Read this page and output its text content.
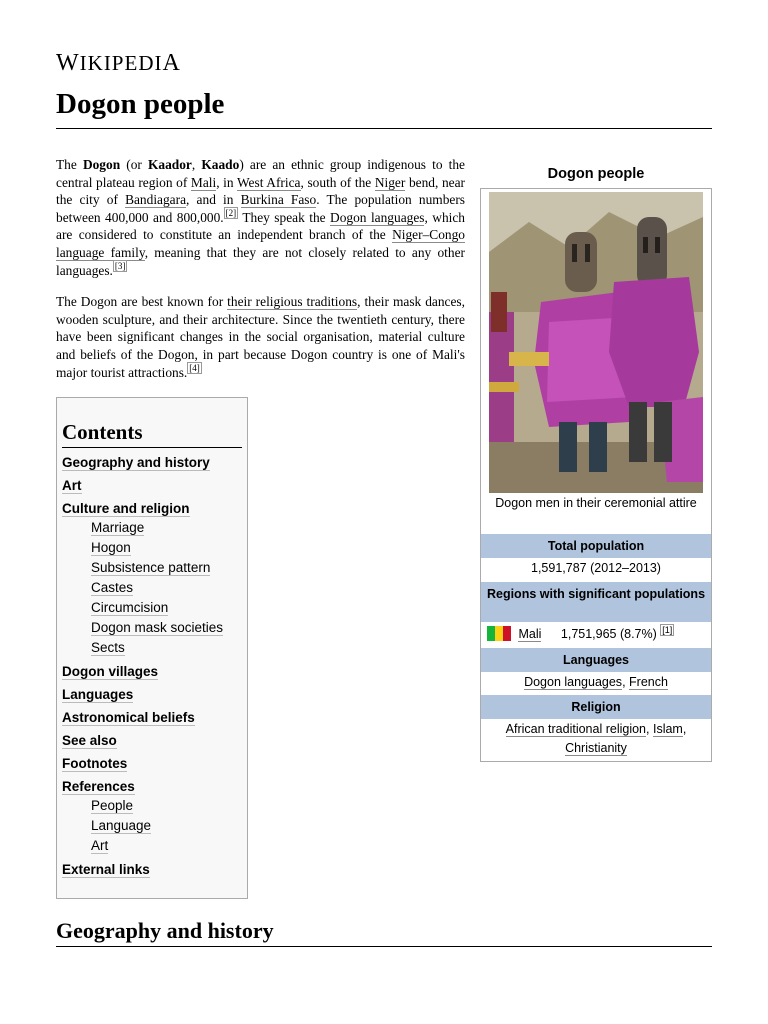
WIKIPEDIA
Dogon people

The Dogon (or Kaador, Kaado) are an ethnic group indigenous to the central plateau region of Mali, in West Africa, south of the Niger bend, near the city of Bandiagara, and in Burkina Faso. The population numbers between 400,000 and 800,000. [2] They speak the Dogon languages, which are considered to constitute an independent branch of the Niger–Congo language family, meaning that they are not closely related to any other languages. [3]

The Dogon are best known for their religious traditions, their mask dances, wooden sculpture, and their architecture. Since the twentieth century, there have been significant changes in the social organisation, material culture and beliefs of the Dogon, in part because Dogon country is one of Mali's major tourist attractions. [4]

Contents
Geography and history
Art
Culture and religion
Marriage
Hogon
Subsistence pattern
Castes
Circumcision
Dogon mask societies
Sects
Dogon villages
Languages
Astronomical beliefs
See also
Footnotes
References
People
Language
Art
External links
Dogon people
Dogon men in their ceremonial attire
Total population
1,591,787 (2012–2013)
Regions with significant populations
Mali 1,751,965 (8.7%) [1]
Languages
Dogon languages, French
Religion
African traditional religion, Islam,
Christianity
Geography and history
